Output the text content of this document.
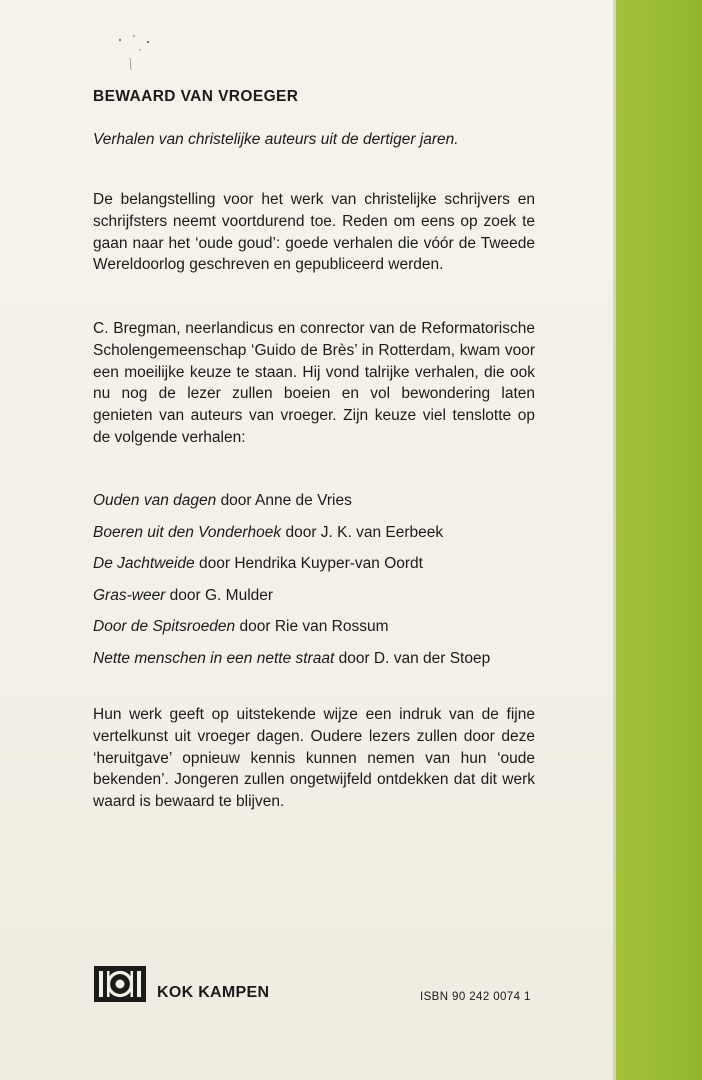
BEWAARD VAN VROEGER
Verhalen van christelijke auteurs uit de dertiger jaren.

De belangstelling voor het werk van christelijke schrijvers en schrijfsters neemt voortdurend toe. Reden om eens op zoek te gaan naar het ‘oude goud’: goede verhalen die vóór de Tweede Wereldoorlog geschreven en gepubliceerd werden.

C. Bregman, neerlandicus en conrector van de Reformatorische Scholengemeenschap ‘Guido de Brès’ in Rotterdam, kwam voor een moeilijke keuze te staan. Hij vond talrijke verhalen, die ook nu nog de lezer zullen boeien en vol bewondering laten genieten van auteurs van vroeger. Zijn keuze viel tenslotte op de volgende verhalen:

Ouden van dagen door Anne de Vries
Boeren uit den Vonderhoek door J. K. van Eerbeek
De Jachtweide door Hendrika Kuyper-van Oordt
Gras-weer door G. Mulder
Door de Spitsroeden door Rie van Rossum
Nette menschen in een nette straat door D. van der Stoep

Hun werk geeft op uitstekende wijze een indruk van de fijne vertelkunst uit vroeger dagen. Oudere lezers zullen door deze ‘heruitgave’ opnieuw kennis kunnen nemen van hun ‘oude bekenden’. Jongeren zullen ongetwijfeld ontdekken dat dit werk waard is bewaard te blijven.

KOK KAMPEN	ISBN 90 242 0074 1
